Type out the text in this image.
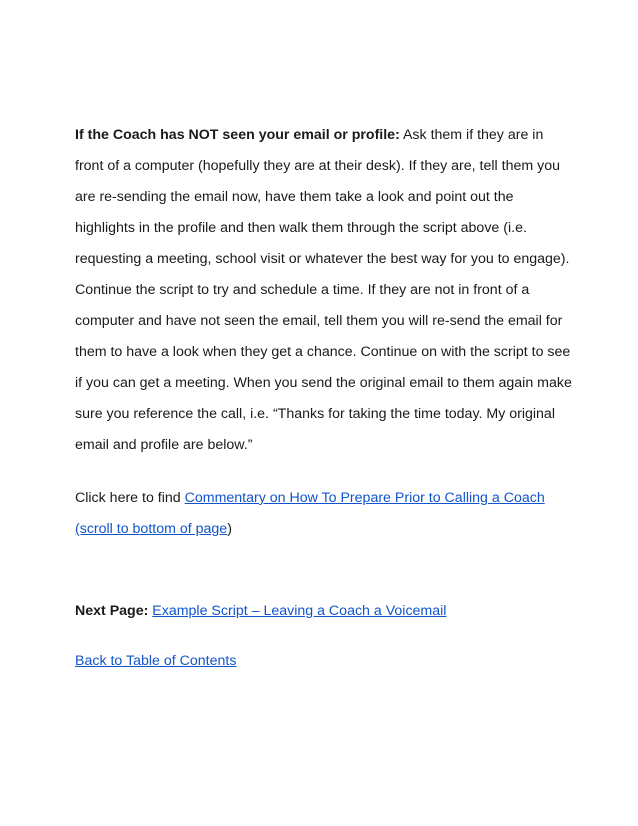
If the Coach has NOT seen your email or profile: Ask them if they are in front of a computer (hopefully they are at their desk). If they are, tell them you are re-sending the email now, have them take a look and point out the highlights in the profile and then walk them through the script above (i.e. requesting a meeting, school visit or whatever the best way for you to engage). Continue the script to try and schedule a time. If they are not in front of a computer and have not seen the email, tell them you will re-send the email for them to have a look when they get a chance. Continue on with the script to see if you can get a meeting. When you send the original email to them again make sure you reference the call, i.e. “Thanks for taking the time today. My original email and profile are below.”

Click here to find Commentary on How To Prepare Prior to Calling a Coach (scroll to bottom of page)

Next Page: Example Script – Leaving a Coach a Voicemail

Back to Table of Contents
